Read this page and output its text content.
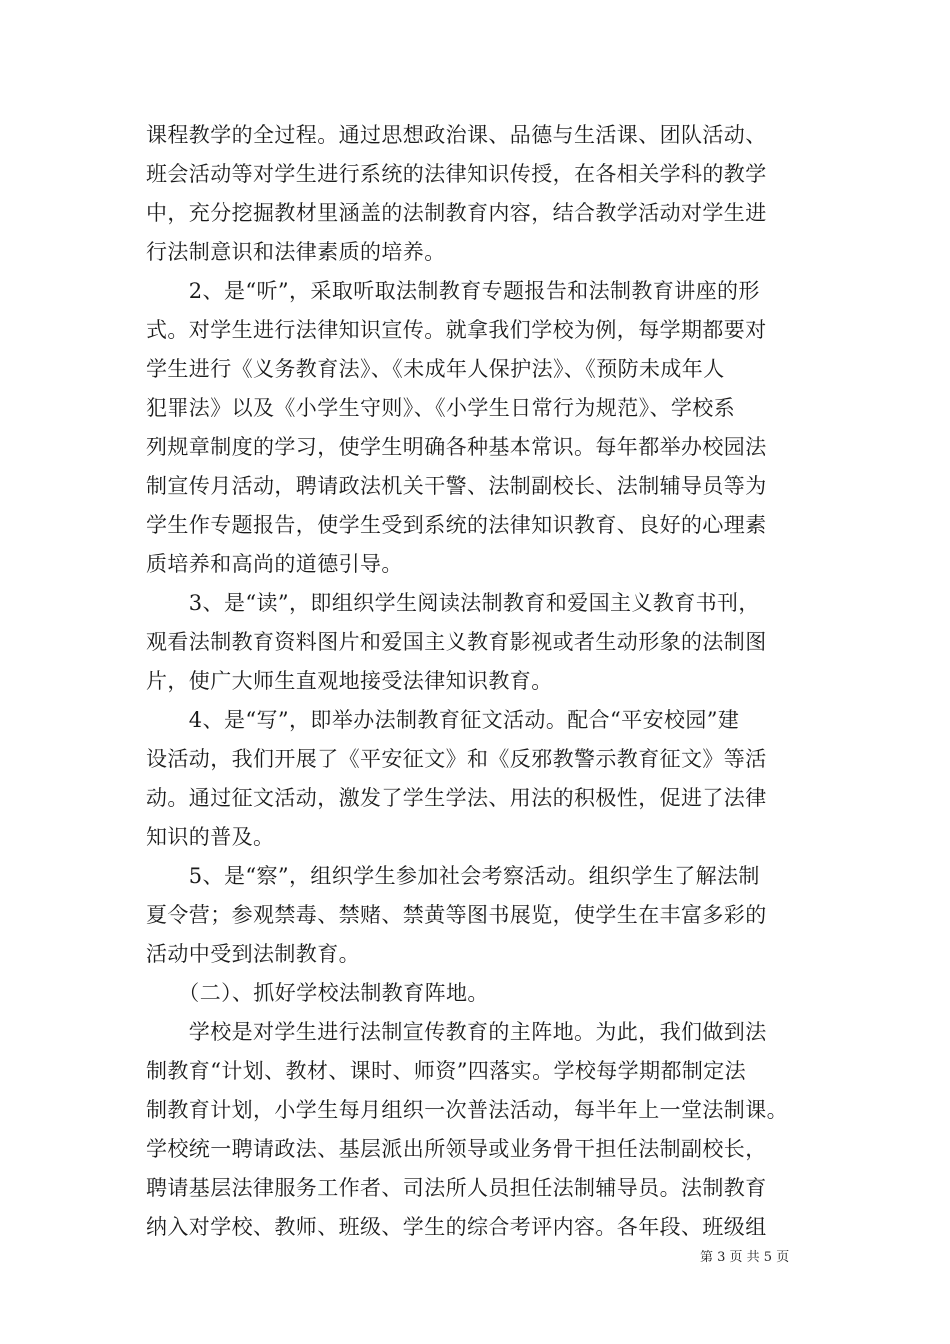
课程教学的全过程。通过思想政治课、品德与生活课、团队活动、
班会活动等对学生进行系统的法律知识传授，在各相关学科的教学
中，充分挖掘教材里涵盖的法制教育内容，结合教学活动对学生进
行法制意识和法律素质的培养。
　　2、是“听”，采取听取法制教育专题报告和法制教育讲座的形
式。对学生进行法律知识宣传。就拿我们学校为例，每学期都要对
学生进行《义务教育法》、《未成年人保护法》、《预防未成年人
犯罪法》以及《小学生守则》、《小学生日常行为规范》、学校系
列规章制度的学习，使学生明确各种基本常识。每年都举办校园法
制宣传月活动，聘请政法机关干警、法制副校长、法制辅导员等为
学生作专题报告，使学生受到系统的法律知识教育、良好的心理素
质培养和高尚的道德引导。
　　3、是“读”，即组织学生阅读法制教育和爱国主义教育书刊，
观看法制教育资料图片和爱国主义教育影视或者生动形象的法制图
片，使广大师生直观地接受法律知识教育。
　　4、是“写”，即举办法制教育征文活动。配合“平安校园”建
设活动，我们开展了《平安征文》和《反邪教警示教育征文》等活
动。通过征文活动，激发了学生学法、用法的积极性，促进了法律
知识的普及。
　　5、是“察”，组织学生参加社会考察活动。组织学生了解法制
夏令营；参观禁毒、禁赌、禁黄等图书展览，使学生在丰富多彩的
活动中受到法制教育。
　　（二）、抓好学校法制教育阵地。
　　学校是对学生进行法制宣传教育的主阵地。为此，我们做到法
制教育“计划、教材、课时、师资”四落实。学校每学期都制定法
制教育计划，小学生每月组织一次普法活动，每半年上一堂法制课。
学校统一聘请政法、基层派出所领导或业务骨干担任法制副校长，
聘请基层法律服务工作者、司法所人员担任法制辅导员。法制教育
纳入对学校、教师、班级、学生的综合考评内容。各年段、班级组
第 3 页 共 5 页
